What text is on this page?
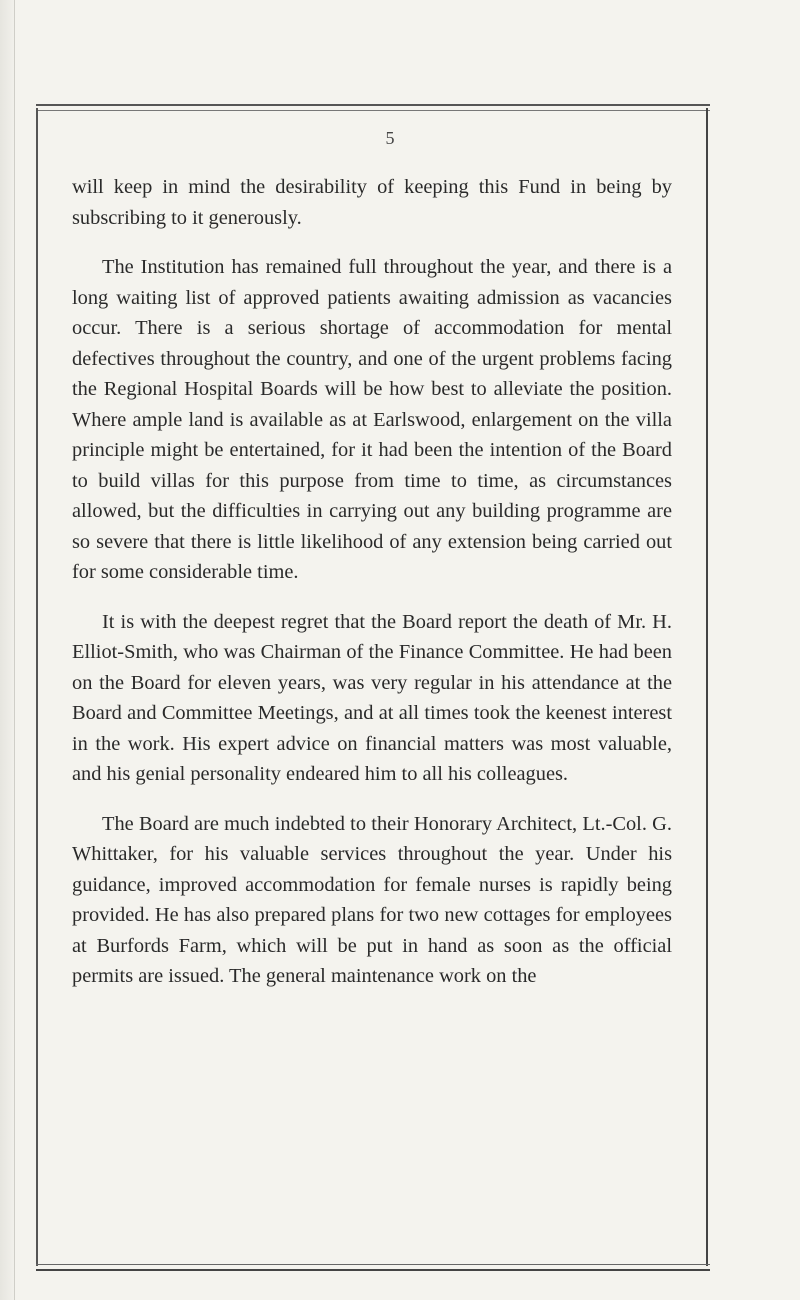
5

will keep in mind the desirability of keeping this Fund in being by subscribing to it generously.

The Institution has remained full throughout the year, and there is a long waiting list of approved patients awaiting admission as vacancies occur. There is a serious shortage of accommodation for mental defectives throughout the country, and one of the urgent problems facing the Regional Hospital Boards will be how best to alleviate the position. Where ample land is available as at Earlswood, enlargement on the villa principle might be entertained, for it had been the intention of the Board to build villas for this purpose from time to time, as circumstances allowed, but the difficulties in carrying out any building programme are so severe that there is little likelihood of any extension being carried out for some considerable time.

It is with the deepest regret that the Board report the death of Mr. H. Elliot-Smith, who was Chairman of the Finance Committee. He had been on the Board for eleven years, was very regular in his attendance at the Board and Committee Meetings, and at all times took the keenest interest in the work. His expert advice on financial matters was most valuable, and his genial personality endeared him to all his colleagues.

The Board are much indebted to their Honorary Architect, Lt.-Col. G. Whittaker, for his valuable services throughout the year. Under his guidance, improved accommodation for female nurses is rapidly being provided. He has also prepared plans for two new cottages for employees at Burfords Farm, which will be put in hand as soon as the official permits are issued. The general maintenance work on the
